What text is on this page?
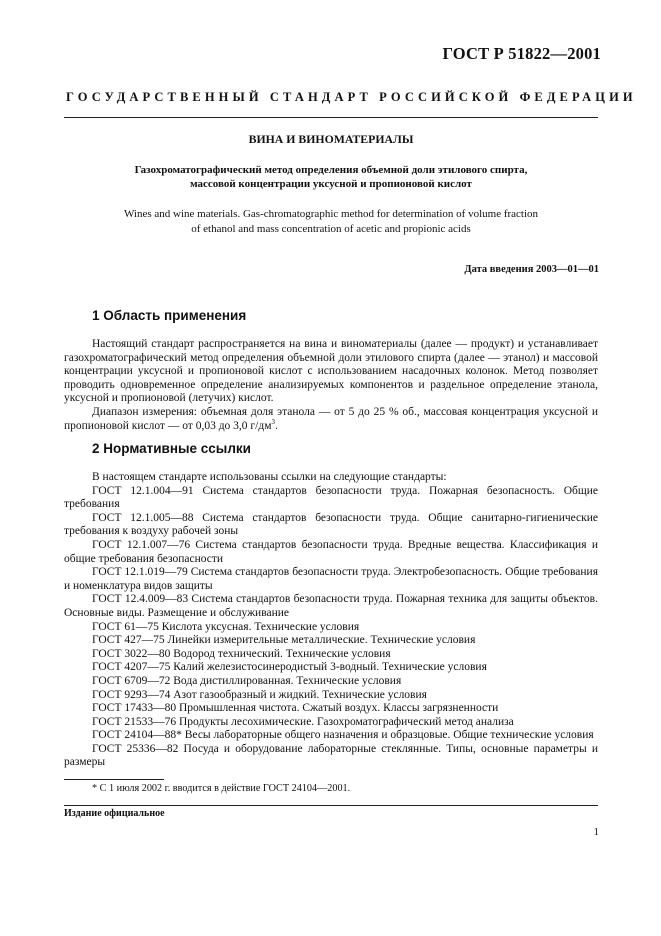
ГОСТ Р 51822—2001
ГОСУДАРСТВЕННЫЙ СТАНДАРТ РОССИЙСКОЙ ФЕДЕРАЦИИ
ВИНА И ВИНОМАТЕРИАЛЫ
Газохроматографический метод определения объемной доли этилового спирта,
массовой концентрации уксусной и пропионовой кислот
Wines and wine materials. Gas-chromatographic method for determination of volume fraction
of ethanol and mass concentration of acetic and propionic acids
Дата введения 2003—01—01
1 Область применения

Настоящий стандарт распространяется на вина и виноматериалы (далее — продукт) и устанавливает газохроматографический метод определения объемной доли этилового спирта (далее — этанол) и массовой концентрации уксусной и пропионовой кислот с использованием насадочных колонок. Метод позволяет проводить одновременное определение анализируемых компонентов и раздельное определение этанола, уксусной и пропионовой (летучих) кислот.

Диапазон измерения: объемная доля этанола — от 5 до 25 % об., массовая концентрация уксусной и пропионовой кислот — от 0,03 до 3,0 $г/дм^3$.

2 Нормативные ссылки

В настоящем стандарте использованы ссылки на следующие стандарты:

ГОСТ 12.1.004—91 Система стандартов безопасности труда. Пожарная безопасность. Общие требования

ГОСТ 12.1.005—88 Система стандартов безопасности труда. Общие санитарно-гигиенические требования к воздуху рабочей зоны

ГОСТ 12.1.007—76 Система стандартов безопасности труда. Вредные вещества. Классификация и общие требования безопасности

ГОСТ 12.1.019—79 Система стандартов безопасности труда. Электробезопасность. Общие требования и номенклатура видов защиты

ГОСТ 12.4.009—83 Система стандартов безопасности труда. Пожарная техника для защиты объектов. Основные виды. Размещение и обслуживание

ГОСТ 61—75 Кислота уксусная. Технические условия

ГОСТ 427—75 Линейки измерительные металлические. Технические условия

ГОСТ 3022—80 Водород технический. Технические условия

ГОСТ 4207—75 Калий железистосинеродистый 3-водный. Технические условия

ГОСТ 6709—72 Вода дистиллированная. Технические условия

ГОСТ 9293—74 Азот газообразный и жидкий. Технические условия

ГОСТ 17433—80 Промышленная чистота. Сжатый воздух. Классы загрязненности

ГОСТ 21533—76 Продукты лесохимические. Газохроматографический метод анализа

ГОСТ 24104—88* Весы лабораторные общего назначения и образцовые. Общие технические условия

ГОСТ 25336—82 Посуда и оборудование лабораторные стеклянные. Типы, основные параметры и размеры

* С 1 июля 2002 г. вводится в действие ГОСТ 24104—2001.
Издание официальное
1
